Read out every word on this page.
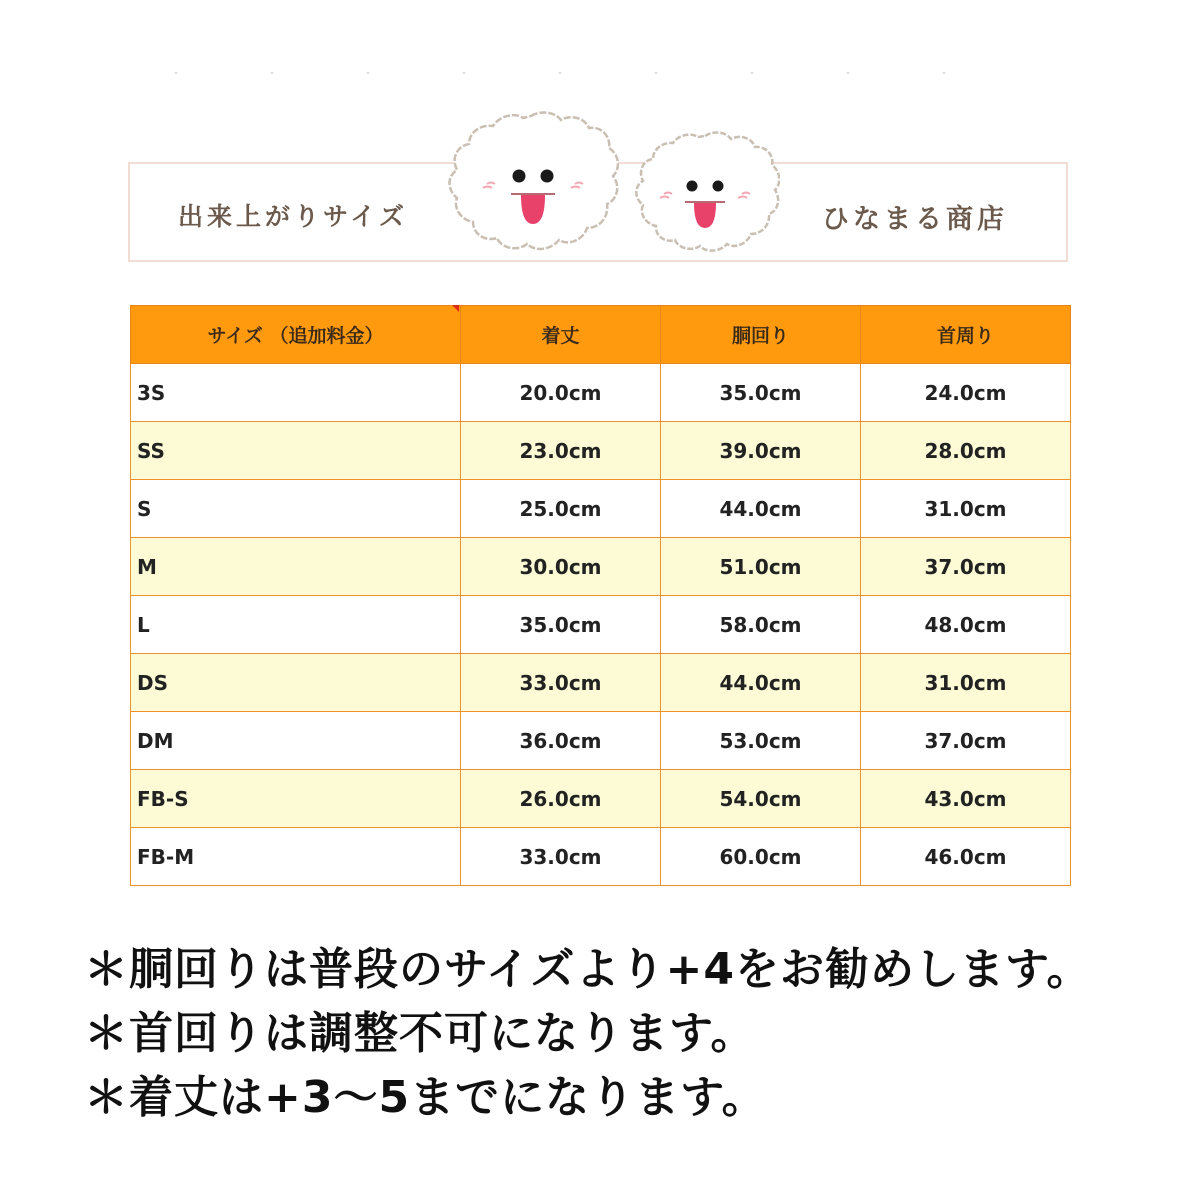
出来上がりサイズ	ひなまる商店
サイズ （追加料金）	着丈	胴回り	首周り
3S	20.0cm	35.0cm	24.0cm
SS	23.0cm	39.0cm	28.0cm
S	25.0cm	44.0cm	31.0cm
M	30.0cm	51.0cm	37.0cm
L	35.0cm	58.0cm	48.0cm
DS	33.0cm	44.0cm	31.0cm
DM	36.0cm	53.0cm	37.0cm
FB-S	26.0cm	54.0cm	43.0cm
FB-M	33.0cm	60.0cm	46.0cm
＊胴回りは普段のサイズより+4をお勧めします。
＊首回りは調整不可になります。
＊着丈は+3～5までになります。
